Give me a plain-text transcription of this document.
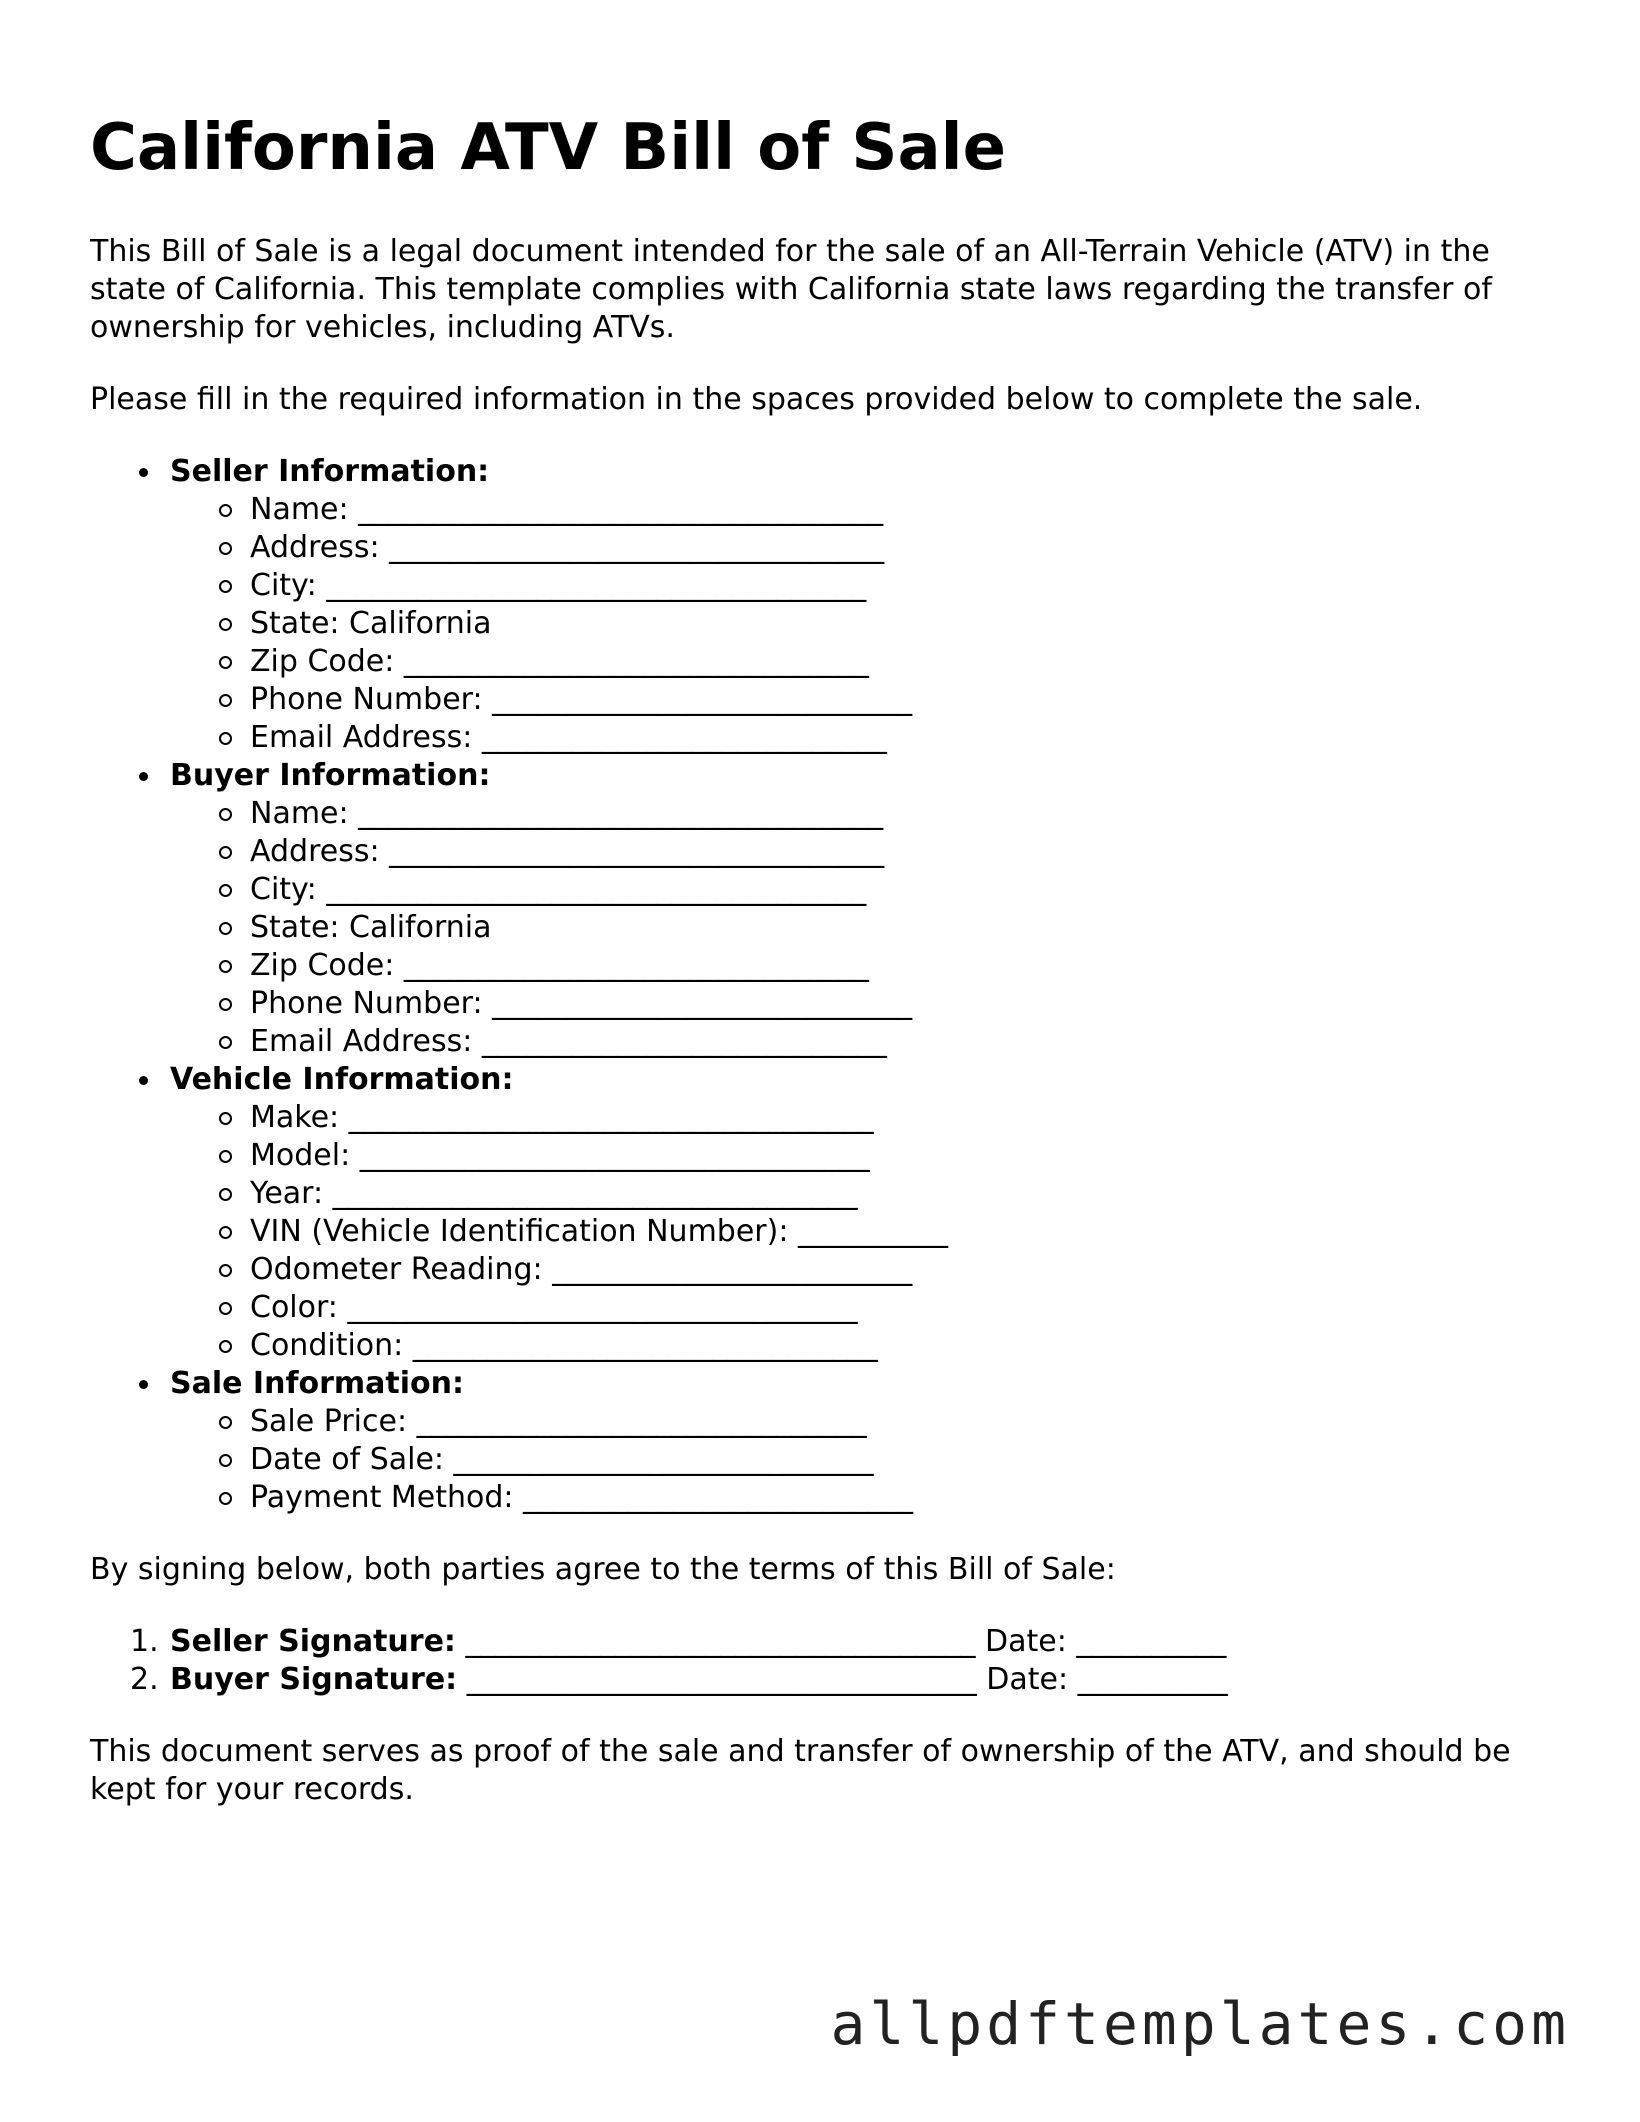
California ATV Bill of Sale

This Bill of Sale is a legal document intended for the sale of an All-Terrain Vehicle (ATV) in the state of California. This template complies with California state laws regarding the transfer of ownership for vehicles, including ATVs.

Please fill in the required information in the spaces provided below to complete the sale.

Seller Information:
Name: ___________________________________
Address: _________________________________
City: ____________________________________
State: California
Zip Code: _______________________________
Phone Number: ____________________________
Email Address: ___________________________
Buyer Information:
Name: ___________________________________
Address: _________________________________
City: ____________________________________
State: California
Zip Code: _______________________________
Phone Number: ____________________________
Email Address: ___________________________
Vehicle Information:
Make: ___________________________________
Model: __________________________________
Year: ___________________________________
VIN (Vehicle Identification Number): __________
Odometer Reading: ________________________
Color: __________________________________
Condition: _______________________________
Sale Information:
Sale Price: ______________________________
Date of Sale: ____________________________
Payment Method: __________________________

By signing below, both parties agree to the terms of this Bill of Sale:

1. Seller Signature: __________________________________ Date: __________
2. Buyer Signature: __________________________________ Date: __________

This document serves as proof of the sale and transfer of ownership of the ATV, and should be kept for your records.

allpdftemplates.com
